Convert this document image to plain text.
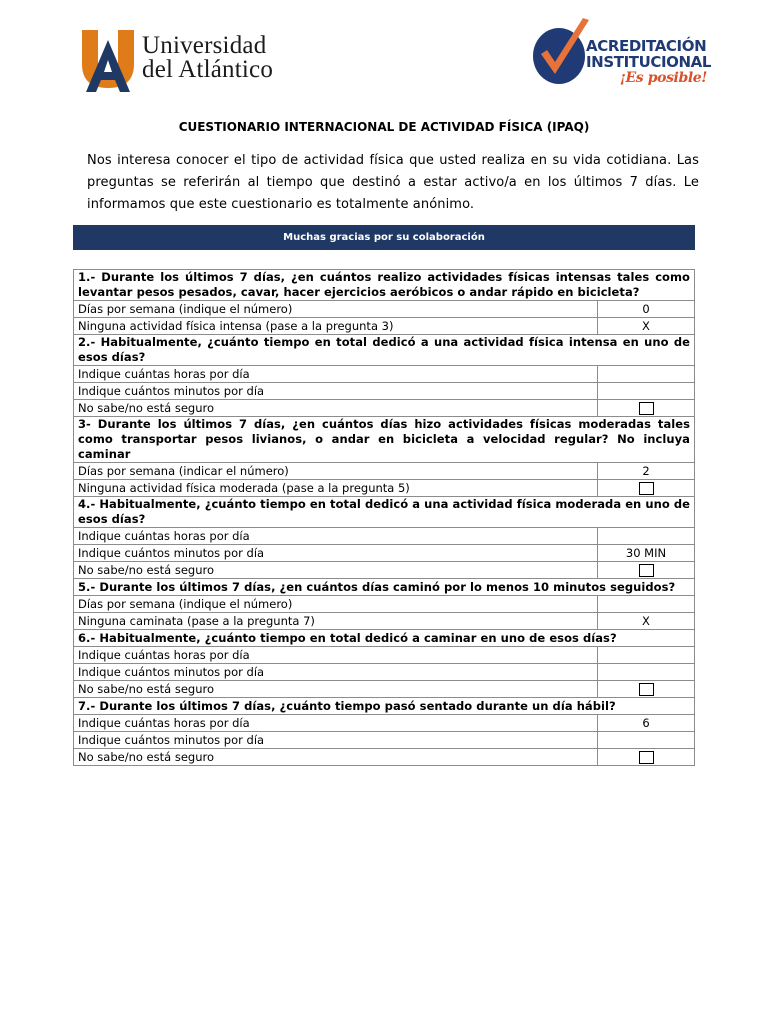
Universidad
del Atlántico
ACREDITACIÓN
INSTITUCIONAL
¡Es posible!
CUESTIONARIO INTERNACIONAL DE ACTIVIDAD FÍSICA (IPAQ)
Nos interesa conocer el tipo de actividad física que usted realiza en su vida cotidiana. Las preguntas se referirán al tiempo que destinó a estar activo/a en los últimos 7 días. Le informamos que este cuestionario es totalmente anónimo.
Muchas gracias por su colaboración
1.- Durante los últimos 7 días, ¿en cuántos realizo actividades físicas intensas tales como levantar pesos pesados, cavar, hacer ejercicios aeróbicos o andar rápido en bicicleta?	
Días por semana (indique el número)	0
Ninguna actividad física intensa (pase a la pregunta 3)	X
2.- Habitualmente, ¿cuánto tiempo en total dedicó a una actividad física intensa en uno de esos días?	
Indique cuántas horas por día	
Indique cuántos minutos por día	
No sabe/no está seguro	
3- Durante los últimos 7 días, ¿en cuántos días hizo actividades físicas moderadas tales como transportar pesos livianos, o andar en bicicleta a velocidad regular? No incluya caminar	
Días por semana (indicar el número)	2
Ninguna actividad física moderada (pase a la pregunta 5)	
4.- Habitualmente, ¿cuánto tiempo en total dedicó a una actividad física moderada en uno de esos días?	
Indique cuántas horas por día	
Indique cuántos minutos por día	30 MIN
No sabe/no está seguro	
5.- Durante los últimos 7 días, ¿en cuántos días caminó por lo menos 10 minutos seguidos?	
Días por semana (indique el número)	
Ninguna caminata (pase a la pregunta 7)	X
6.- Habitualmente, ¿cuánto tiempo en total dedicó a caminar en uno de esos días?	
Indique cuántas horas por día	
Indique cuántos minutos por día	
No sabe/no está seguro	
7.- Durante los últimos 7 días, ¿cuánto tiempo pasó sentado durante un día hábil?	
Indique cuántas horas por día	6
Indique cuántos minutos por día	
No sabe/no está seguro	
